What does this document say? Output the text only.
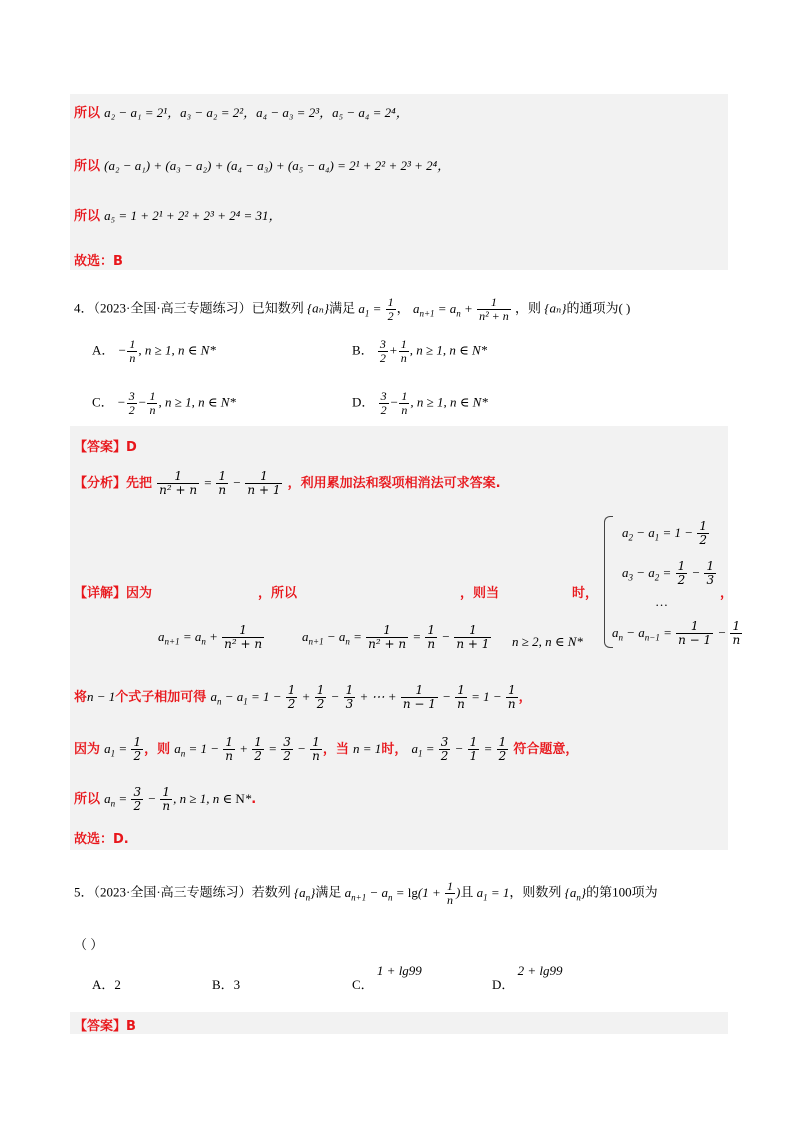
所以 a₂ − a₁ = 2¹，a₃ − a₂ = 2²，a₄ − a₃ = 2³，a₅ − a₄ = 2⁴，
所以 (a₂ − a₁) + (a₃ − a₂) + (a₄ − a₃) + (a₅ − a₄) = 2¹ + 2² + 2³ + 2⁴，
所以 a₅ = 1 + 2¹ + 2² + 2³ + 2⁴ = 31，
故选：B
4．（2023·全国·高三专题练习）已知数列 {aₙ}满足 $a_1 = \frac{1}{2}$ ， $a_{n+1} = a_n + \frac{1}{\text{n² + n}}$ ，则 {aₙ}的通项为( )
A． − $\frac{1}{n}$ , n ≥ 1, n ∈ N*	B． $\frac{3}{2} + \frac{1}{n}$ , n ≥ 1, n ∈ N*
C． − $\frac{3}{2} - \frac{1}{n}$ , n ≥ 1, n ∈ N*	D． $\frac{3}{2} - \frac{1}{n}$ , n ≥ 1, n ∈ N*
【答案】D
【分析】先把 $\frac{1}{\text{n² + n}} = \frac{1}{n} - \frac{1}{n + 1}$ ，利用累加法和裂项相消法可求答案.
【详解】因为	，所以	，则当	时，
$a_{n+1} = a_n + \frac{1}{\text{n² + n}}$	$a_{n+1} - a_n = \frac{1}{\text{n² + n}} = \frac{1}{n} - \frac{1}{n + 1}$ n ≥ 2, n ∈ N*
$a_2 - a_1 = 1 - \frac{1}{2}$
$a_3 - a_2 = \frac{1}{2} - \frac{1}{3}$
…
$a_n - a_{n-1} = \frac{1}{n - 1} - \frac{1}{n}$
，
将n − 1个式子相加可得 $a_n - a_1 = 1 - \frac{1}{2} + \frac{1}{2} - \frac{1}{3}$ + ⋯ + $\frac{1}{n - 1} - \frac{1}{n} = 1 - \frac{1}{n}$ ，
因为 $a_1 = \frac{1}{2}$ ，则 $a_n = 1 - \frac{1}{n} + \frac{1}{2} = \frac{3}{2} - \frac{1}{n}$ ，当 n = 1时， $a_1 = \frac{3}{2} - \frac{1}{1} = \frac{1}{2}$ 符合题意，
所以 $a_n = \frac{3}{2} - \frac{1}{n}$ , n ≥ 1, n ∈ N*.
故选：D.
5．（2023·全国·高三专题练习）若数列 $\{a_n\}$满足 $a_{n+1} - a_n = \lg(1 + \frac{1}{n}$ )且 $a_1 = 1$，则数列 $\{a_n\}$的第100项为
（ ）
A．2	B．3	C． 1 + lg99
D． 2 + lg99
【答案】B
